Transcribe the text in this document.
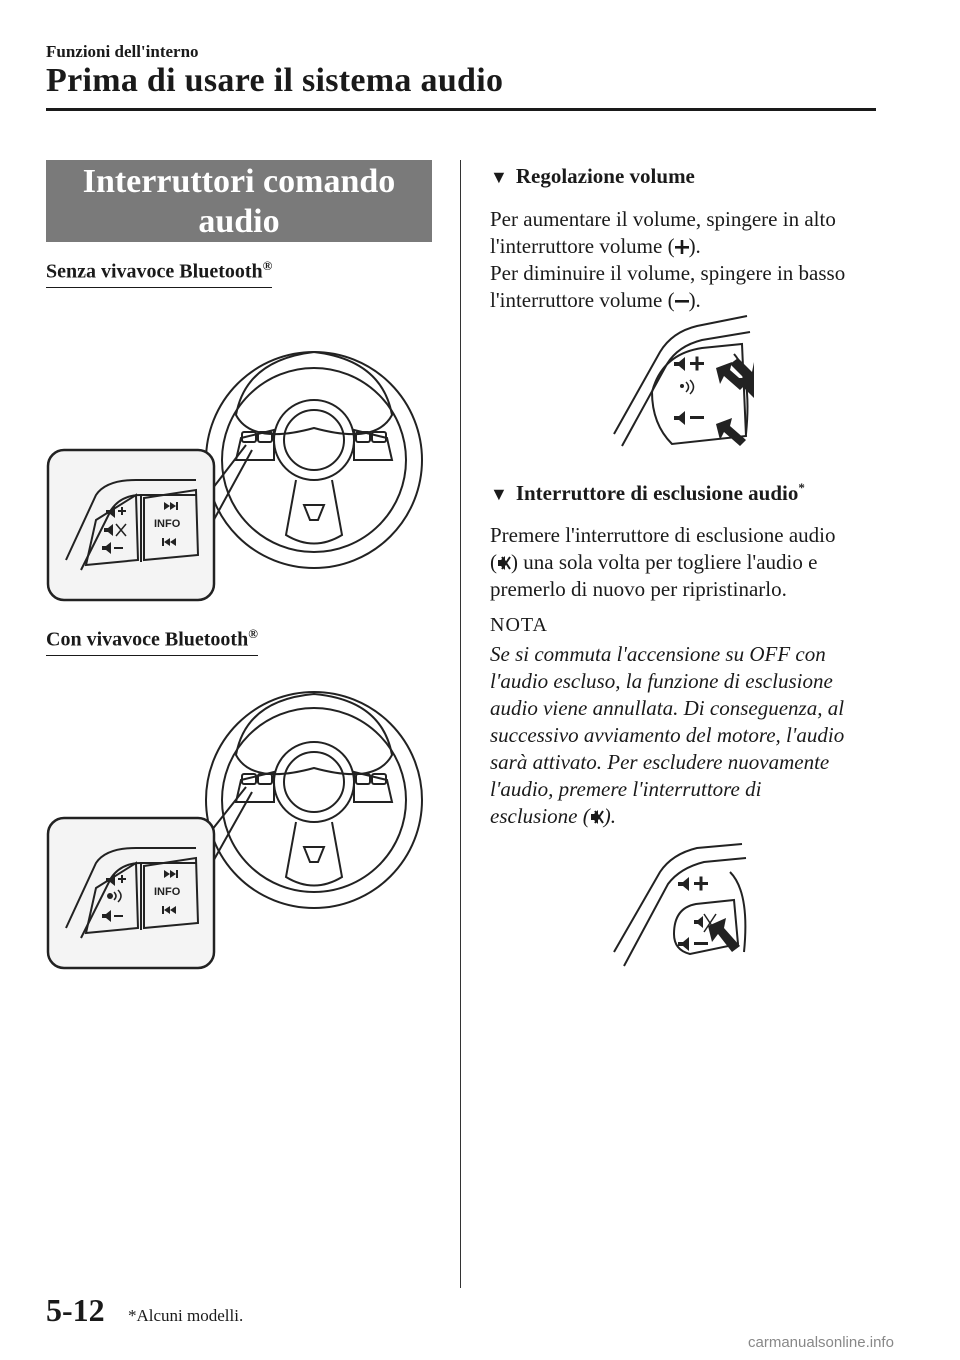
Funzioni dell'interno
Prima di usare il sistema audio
Interruttori comando
audio
Senza vivavoce Bluetooth®
INFO
Con vivavoce Bluetooth®
INFO
▼ Regolazione volume

Per aumentare il volume, spingere in alto

l'interruttore volume ( ).

Per diminuire il volume, spingere in basso

l'interruttore volume ( ).

▼ Interruttore di esclusione audio*

Premere l'interruttore di esclusione audio

( ) una sola volta per togliere l'audio e

premerlo di nuovo per ripristinarlo.

NOTA

Se si commuta l'accensione su OFF con

l'audio escluso, la funzione di esclusione

audio viene annullata. Di conseguenza, al

successivo avviamento del motore, l'audio

sarà attivato. Per escludere nuovamente

l'audio, premere l'interruttore di

esclusione ( ).

5-12 *Alcuni modelli.
carmanualsonline.info
